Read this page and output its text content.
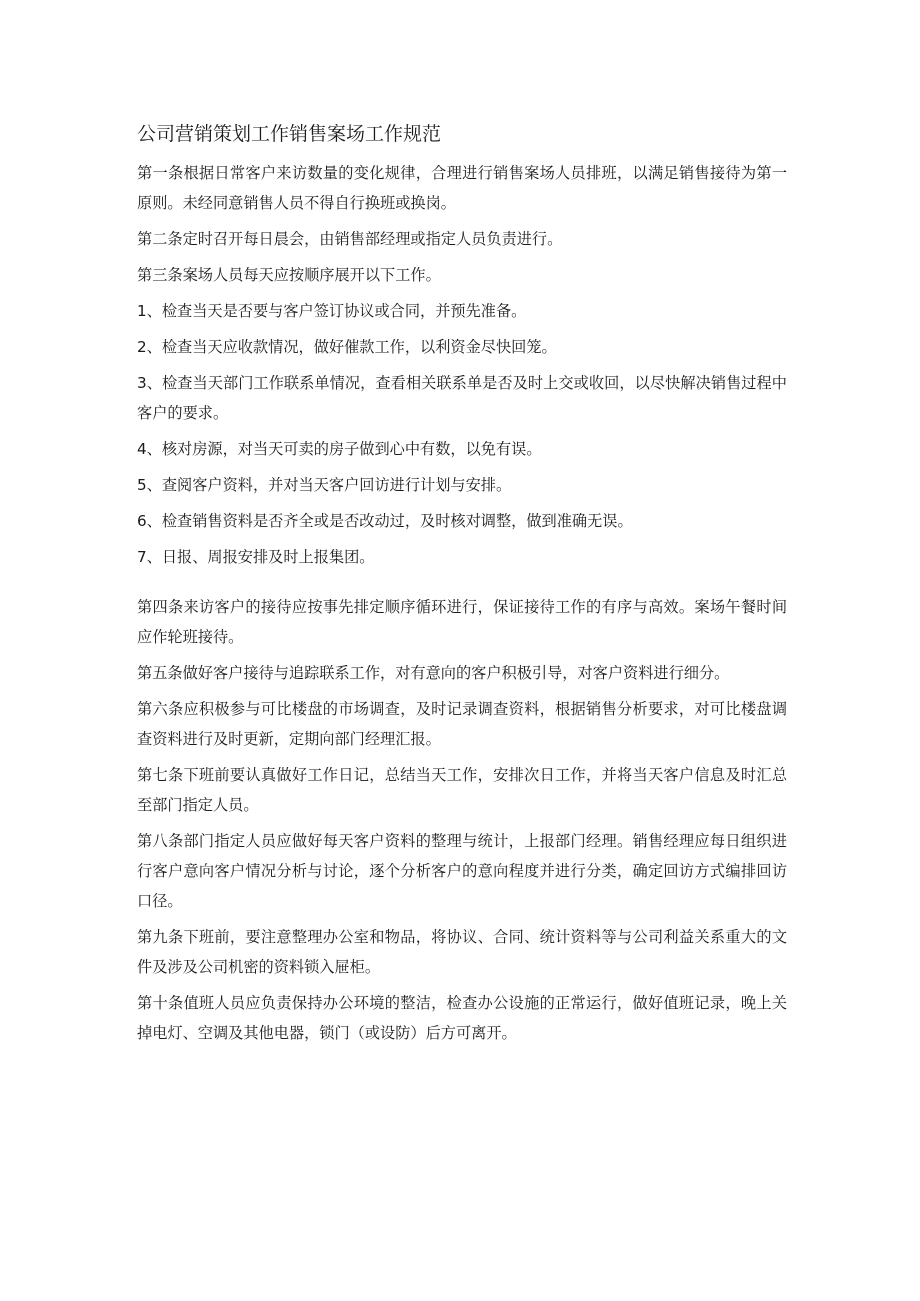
公司营销策划工作销售案场工作规范

第一条根据日常客户来访数量的变化规律，合理进行销售案场人员排班，以满足销售接待为第一原则。未经同意销售人员不得自行换班或换岗。

第二条定时召开每日晨会，由销售部经理或指定人员负责进行。

第三条案场人员每天应按顺序展开以下工作。

1、检查当天是否要与客户签订协议或合同，并预先准备。

2、检查当天应收款情况，做好催款工作，以利资金尽快回笼。

3、检查当天部门工作联系单情况，查看相关联系单是否及时上交或收回，以尽快解决销售过程中客户的要求。

4、核对房源，对当天可卖的房子做到心中有数，以免有误。

5、查阅客户资料，并对当天客户回访进行计划与安排。

6、检查销售资料是否齐全或是否改动过，及时核对调整，做到准确无误。

7、日报、周报安排及时上报集团。

第四条来访客户的接待应按事先排定顺序循环进行，保证接待工作的有序与高效。案场午餐时间应作轮班接待。

第五条做好客户接待与追踪联系工作，对有意向的客户积极引导，对客户资料进行细分。

第六条应积极参与可比楼盘的市场调查，及时记录调查资料，根据销售分析要求，对可比楼盘调查资料进行及时更新，定期向部门经理汇报。

第七条下班前要认真做好工作日记，总结当天工作，安排次日工作，并将当天客户信息及时汇总至部门指定人员。

第八条部门指定人员应做好每天客户资料的整理与统计，上报部门经理。销售经理应每日组织进行客户意向客户情况分析与讨论，逐个分析客户的意向程度并进行分类，确定回访方式编排回访口径。

第九条下班前，要注意整理办公室和物品，将协议、合同、统计资料等与公司利益关系重大的文件及涉及公司机密的资料锁入屉柜。

第十条值班人员应负责保持办公环境的整洁，检查办公设施的正常运行，做好值班记录，晚上关掉电灯、空调及其他电器，锁门（或设防）后方可离开。
